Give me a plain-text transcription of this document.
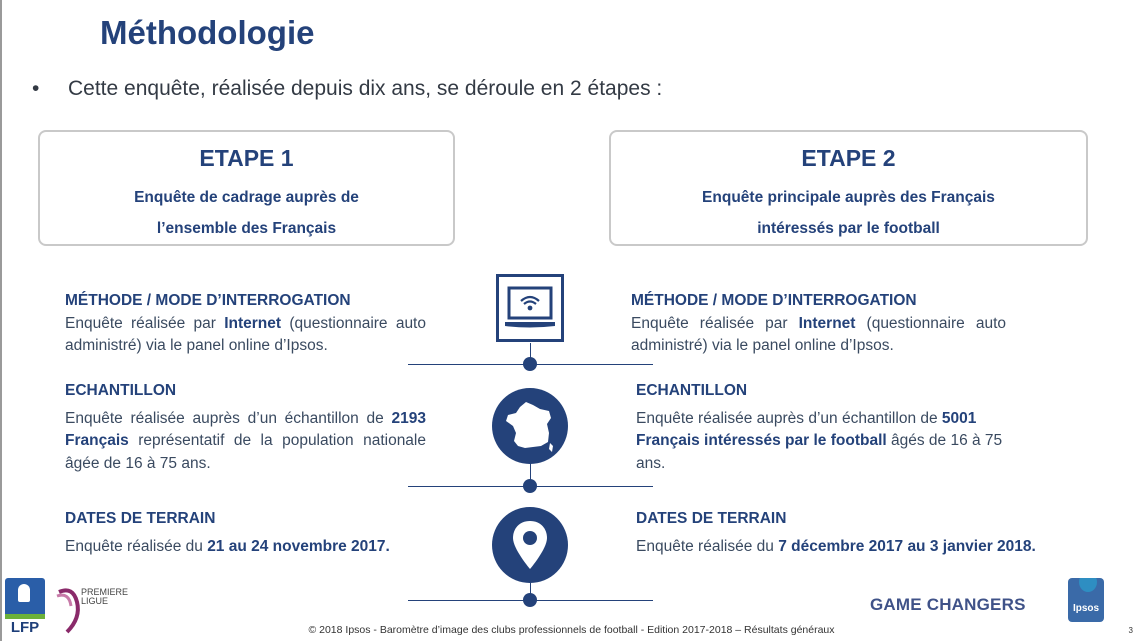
Méthodologie
• Cette enquête, réalisée depuis dix ans, se déroule en 2 étapes :
ETAPE 1
Enquête de cadrage auprès de
l’ensemble des Français
ETAPE 2
Enquête principale auprès des Français
intéressés par le football
MÉTHODE / MODE D’INTERROGATION

Enquête réalisée par Internet (questionnaire auto administré) via le panel online d’Ipsos.

ECHANTILLON

Enquête réalisée auprès d’un échantillon de 2193 Français représentatif de la population nationale âgée de 16 à 75 ans.

DATES DE TERRAIN

Enquête réalisée du 21 au 24 novembre 2017.

MÉTHODE / MODE D’INTERROGATION

Enquête réalisée par Internet (questionnaire auto administré) via le panel online d’Ipsos.

ECHANTILLON

Enquête réalisée auprès d’un échantillon de 5001 Français intéressés par le football âgés de 16 à 75 ans.

DATES DE TERRAIN

Enquête réalisée du 7 décembre 2017 au 3 janvier 2018.

LFP
PREMIERE LIGUE	GAME CHANGERS	Ipsos
© 2018 Ipsos - Baromètre d’image des clubs professionnels de football - Edition 2017-2018 – Résultats généraux	3
